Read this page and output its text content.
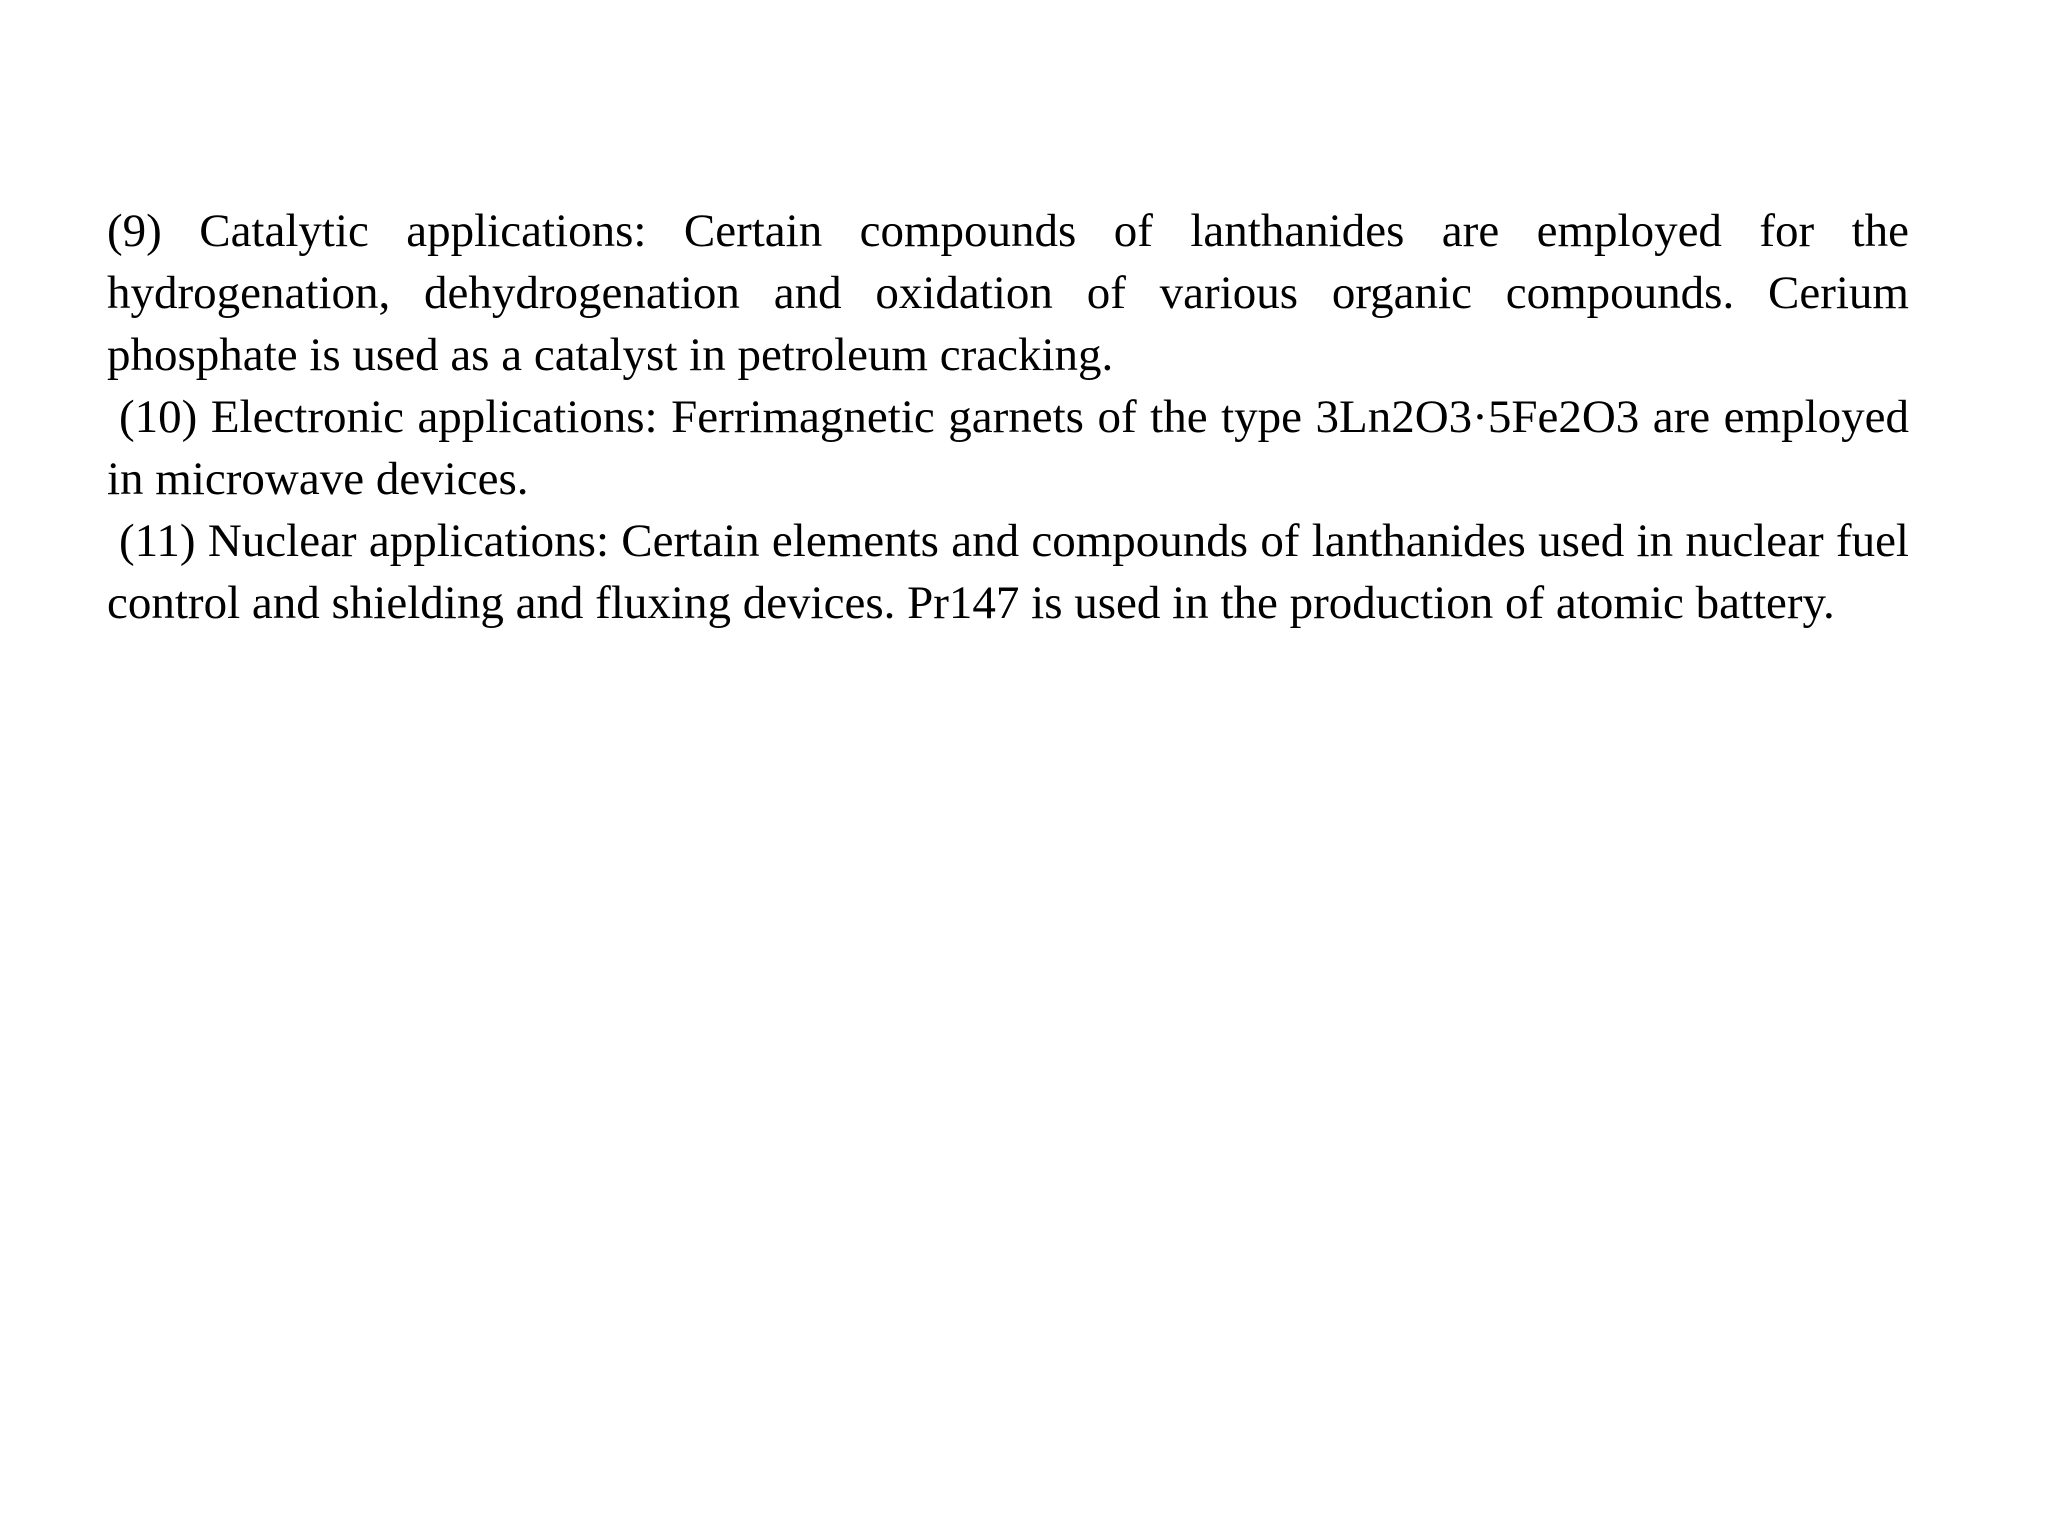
(9) Catalytic applications: Certain compounds of lanthanides are employed for the hydrogenation, dehydrogenation and oxidation of various organic compounds. Cerium phosphate is used as a catalyst in petroleum cracking.

(10) Electronic applications: Ferrimagnetic garnets of the type 3Ln2O3·5Fe2O3 are employed in microwave devices.

(11) Nuclear applications: Certain elements and compounds of lanthanides used in nuclear fuel control and shielding and fluxing devices. Pr147 is used in the production of atomic battery.
